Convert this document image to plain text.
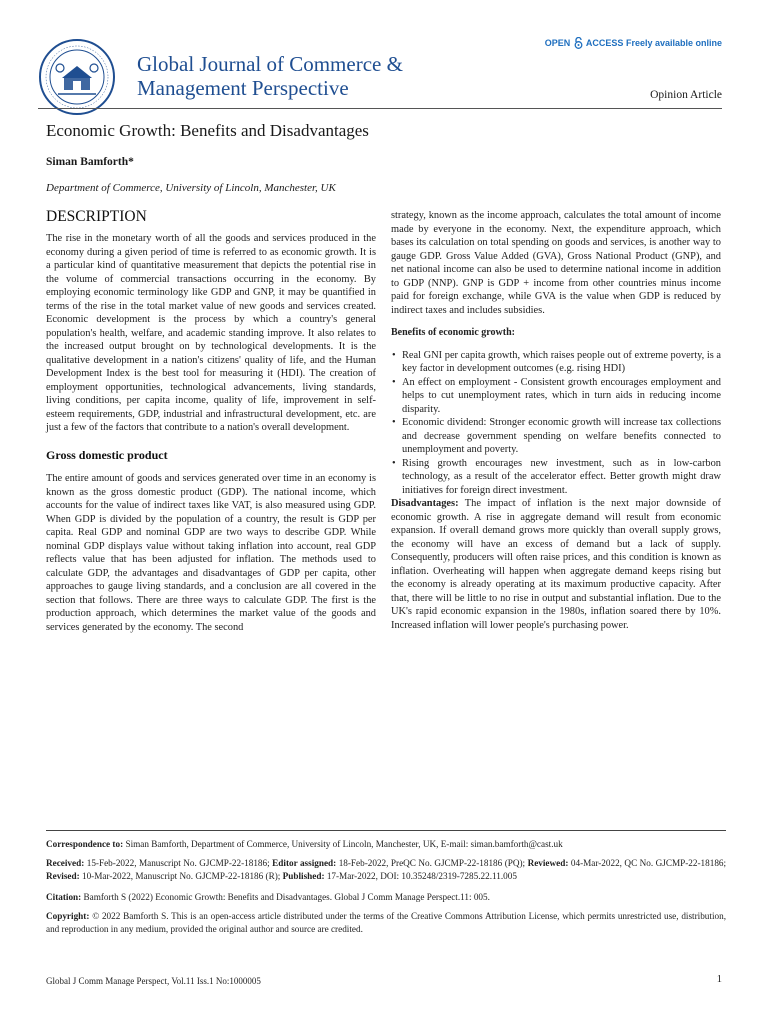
Global Journal of Commerce &
Management Perspective
OPEN ACCESS Freely available online
Opinion Article
Economic Growth: Benefits and Disadvantages
Siman Bamforth*
Department of Commerce, University of Lincoln, Manchester, UK
DESCRIPTION

The rise in the monetary worth of all the goods and services produced in the economy during a given period of time is referred to as economic growth. It is a particular kind of quantitative measurement that depicts the potential rise in the volume of commercial transactions occurring in the economy. By employing economic terminology like GDP and GNP, it may be quantified in terms of the rise in the total market value of new goods and services created. Economic development is the process by which a country's general population's health, welfare, and academic standing improve. It also relates to the increased output brought on by technological developments. It is the qualitative development in a nation's citizens' quality of life, and the Human Development Index is the best tool for measuring it (HDI). The creation of employment opportunities, technological advancements, living standards, living conditions, per capita income, quality of life, improvement in self-esteem requirements, GDP, industrial and infrastructural development, etc. are just a few of the factors that contribute to a nation's overall development.

Gross domestic product

The entire amount of goods and services generated over time in an economy is known as the gross domestic product (GDP). The national income, which accounts for the value of indirect taxes like VAT, is also measured using GDP. When GDP is divided by the population of a country, the result is GDP per capita. Real GDP and nominal GDP are two ways to describe GDP. While nominal GDP displays value without taking inflation into account, real GDP reflects value that has been adjusted for inflation. The methods used to calculate GDP, the advantages and disadvantages of GDP per capita, other approaches to gauge living standards, and a conclusion are all covered in the section that follows. There are three ways to calculate GDP. The first is the production approach, which determines the market value of the goods and services generated by the economy. The second

strategy, known as the income approach, calculates the total amount of income made by everyone in the economy. Next, the expenditure approach, which bases its calculation on total spending on goods and services, is another way to gauge GDP. Gross Value Added (GVA), Gross National Product (GNP), and net national income can also be used to determine national income in addition to GDP (NNP). GNP is GDP + income from other countries minus income paid for foreign exchange, while GVA is the value when GDP is reduced by indirect taxes and includes subsidies.

Benefits of economic growth:
• Real GNI per capita growth, which raises people out of extreme poverty, is a key factor in development outcomes (e.g. rising HDI)
• An effect on employment - Consistent growth encourages employment and helps to cut unemployment rates, which in turn aids in reducing income disparity.
• Economic dividend: Stronger economic growth will increase tax collections and decrease government spending on welfare benefits connected to unemployment and poverty.
• Rising growth encourages new investment, such as in low-carbon technology, as a result of the accelerator effect. Better growth might draw initiatives for foreign direct investment.

Disadvantages: The impact of inflation is the next major downside of economic growth. A rise in aggregate demand will result from economic expansion. If overall demand grows more quickly than overall supply grows, the economy will have an excess of demand but a lack of supply. Consequently, producers will often raise prices, and this condition is known as inflation. Overheating will happen when aggregate demand keeps rising but the economy is already operating at its maximum productive capacity. After that, there will be little to no rise in output and substantial inflation. Due to the UK's rapid economic expansion in the 1980s, inflation soared there by 10%. Increased inflation will lower people's purchasing power.

Correspondence to: Siman Bamforth, Department of Commerce, University of Lincoln, Manchester, UK, E-mail: siman.bamforth@cast.uk
Received: 15-Feb-2022, Manuscript No. GJCMP-22-18186; Editor assigned: 18-Feb-2022, PreQC No. GJCMP-22-18186 (PQ); Reviewed: 04-Mar-2022, QC No. GJCMP-22-18186; Revised: 10-Mar-2022, Manuscript No. GJCMP-22-18186 (R); Published: 17-Mar-2022, DOI: 10.35248/2319-7285.22.11.005
Citation: Bamforth S (2022) Economic Growth: Benefits and Disadvantages. Global J Comm Manage Perspect.11: 005.
Copyright: © 2022 Bamforth S. This is an open-access article distributed under the terms of the Creative Commons Attribution License, which permits unrestricted use, distribution, and reproduction in any medium, provided the original author and source are credited.
Global J Comm Manage Perspect, Vol.11 Iss.1 No:1000005	1
